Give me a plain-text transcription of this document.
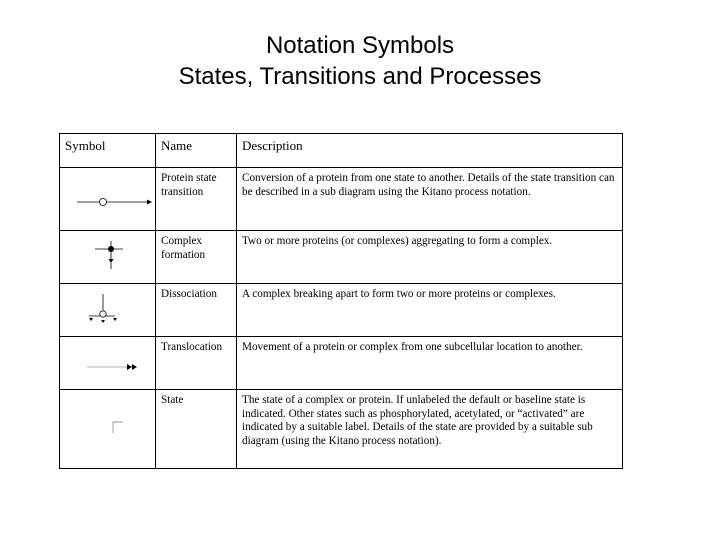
Notation Symbols
States, Transitions and Processes
Symbol	Name	Description

	Protein state transition	Conversion of a protein from one state to another. Details of the state transition can be described in a sub diagram using the Kitano process notation.

	Complex formation	Two or more proteins (or complexes) aggregating to form a complex.

	Dissociation	A complex breaking apart to form two or more proteins or complexes.

	Translocation	Movement of a protein or complex from one subcellular location to another.

	State	The state of a complex or protein. If unlabeled the default or baseline state is indicated. Other states such as phosphorylated, acetylated, or “activated” are indicated by a suitable label. Details of the state are provided by a suitable sub diagram (using the Kitano process notation).
